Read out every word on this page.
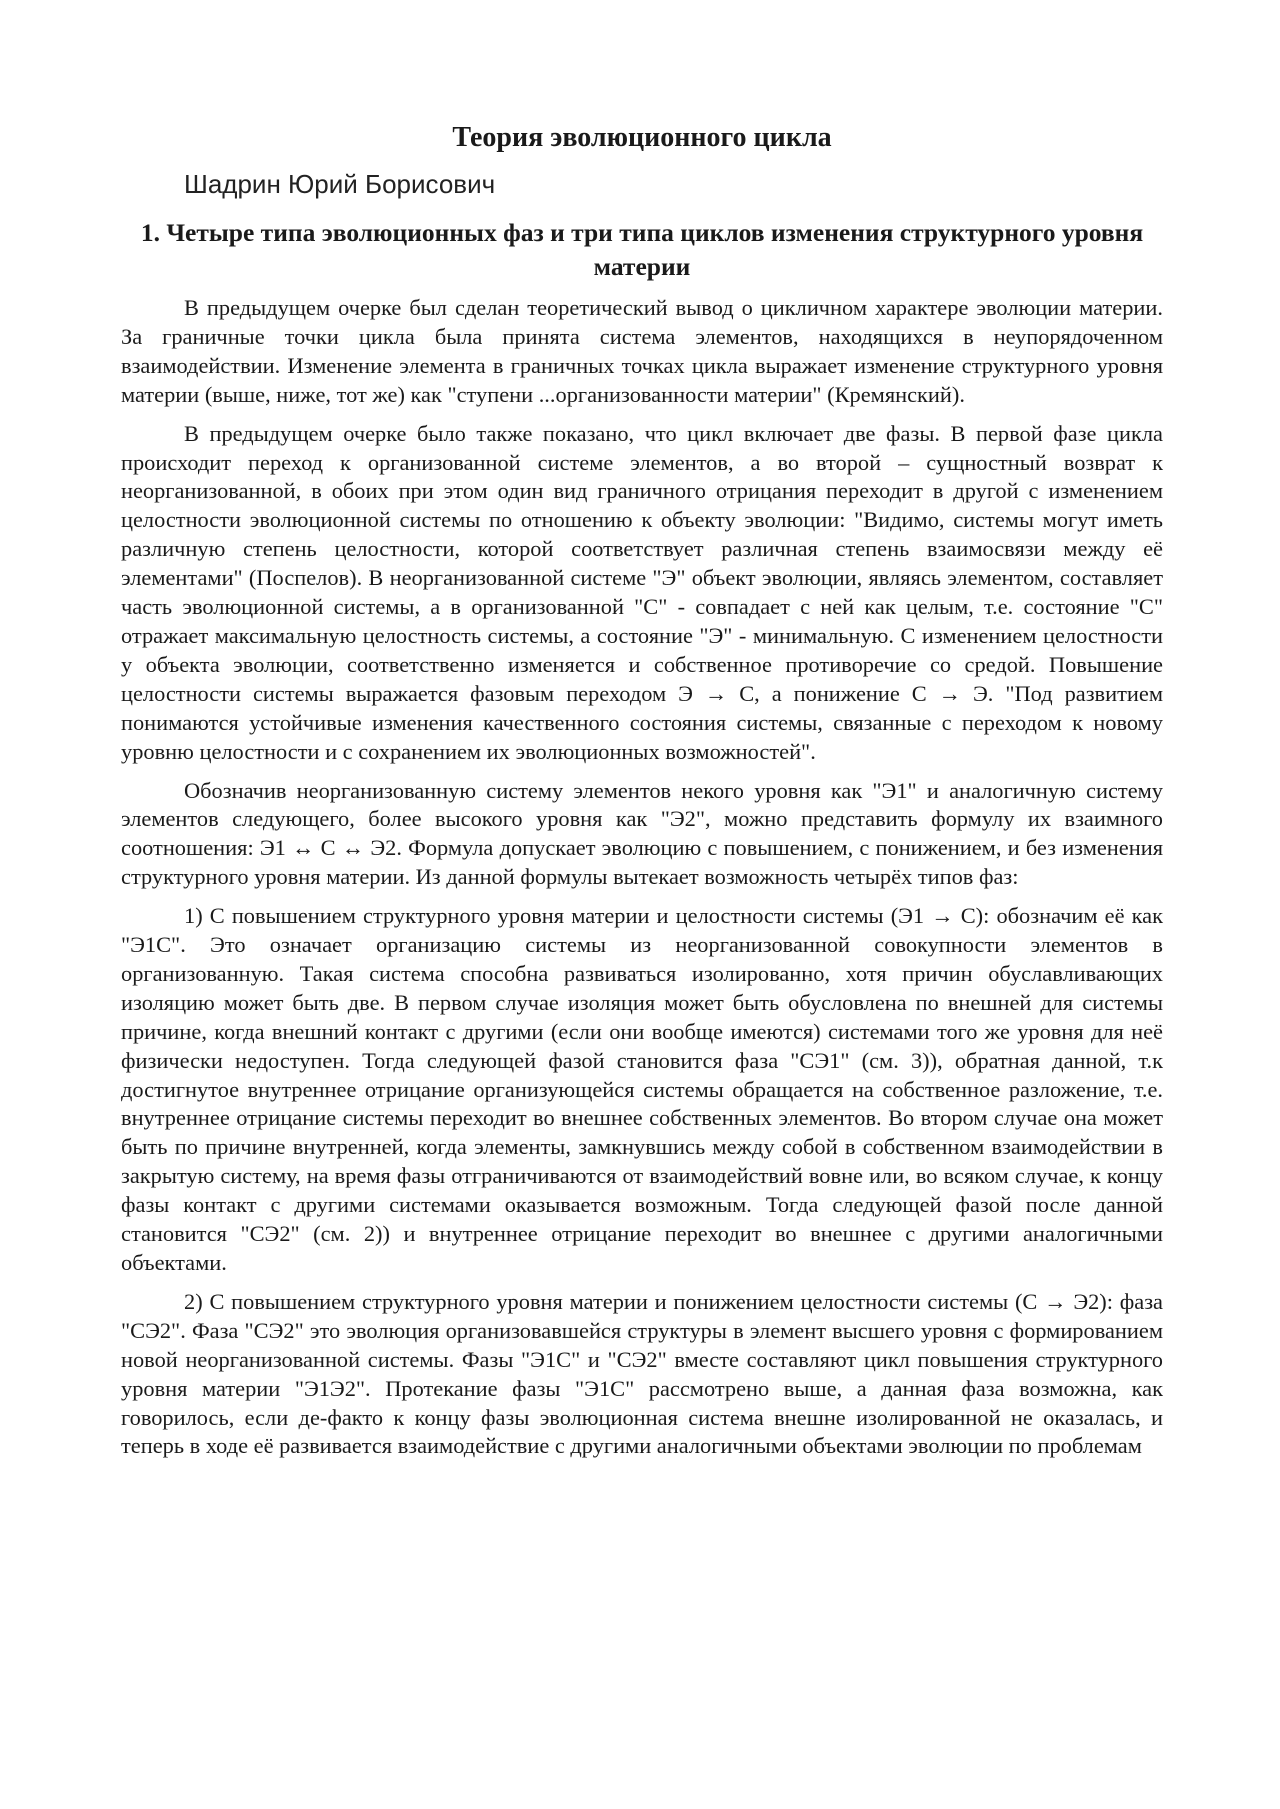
Теория эволюционного цикла

Шадрин Юрий Борисович

1. Четыре типа эволюционных фаз и три типа циклов изменения структурного уровня материи

В предыдущем очерке был сделан теоретический вывод о цикличном характере эволюции материи. За граничные точки цикла была принята система элементов, находящихся в неупорядоченном взаимодействии. Изменение элемента в граничных точках цикла выражает изменение структурного уровня материи (выше, ниже, тот же) как "ступени ...организованности материи" (Кремянский).

В предыдущем очерке было также показано, что цикл включает две фазы. В первой фазе цикла происходит переход к организованной системе элементов, а во второй – сущностный возврат к неорганизованной, в обоих при этом один вид граничного отрицания переходит в другой с изменением целостности эволюционной системы по отношению к объекту эволюции: "Видимо, системы могут иметь различную степень целостности, которой соответствует различная степень взаимосвязи между её элементами" (Поспелов). В неорганизованной системе "Э" объект эволюции, являясь элементом, составляет часть эволюционной системы, а в организованной "С" - совпадает с ней как целым, т.е. состояние "С" отражает максимальную целостность системы, а состояние "Э" - минимальную. С изменением целостности у объекта эволюции, соответственно изменяется и собственное противоречие со средой. Повышение целостности системы выражается фазовым переходом Э → С, а понижение С → Э. "Под развитием понимаются устойчивые изменения качественного состояния системы, связанные с переходом к новому уровню целостности и с сохранением их эволюционных возможностей".

Обозначив неорганизованную систему элементов некого уровня как "Э1" и аналогичную систему элементов следующего, более высокого уровня как "Э2", можно представить формулу их взаимного соотношения: Э1 ↔ С ↔ Э2. Формула допускает эволюцию с повышением, с понижением, и без изменения структурного уровня материи. Из данной формулы вытекает возможность четырёх типов фаз:

1) С повышением структурного уровня материи и целостности системы (Э1 → С): обозначим её как "Э1С". Это означает организацию системы из неорганизованной совокупности элементов в организованную. Такая система способна развиваться изолированно, хотя причин обуславливающих изоляцию может быть две. В первом случае изоляция может быть обусловлена по внешней для системы причине, когда внешний контакт с другими (если они вообще имеются) системами того же уровня для неё физически недоступен. Тогда следующей фазой становится фаза "СЭ1" (см. 3)), обратная данной, т.к достигнутое внутреннее отрицание организующейся системы обращается на собственное разложение, т.е. внутреннее отрицание системы переходит во внешнее собственных элементов. Во втором случае она может быть по причине внутренней, когда элементы, замкнувшись между собой в собственном взаимодействии в закрытую систему, на время фазы отграничиваются от взаимодействий вовне или, во всяком случае, к концу фазы контакт с другими системами оказывается возможным. Тогда следующей фазой после данной становится "СЭ2" (см. 2)) и внутреннее отрицание переходит во внешнее с другими аналогичными объектами.

2) С повышением структурного уровня материи и понижением целостности системы (С → Э2): фаза "СЭ2". Фаза "СЭ2" это эволюция организовавшейся структуры в элемент высшего уровня с формированием новой неорганизованной системы. Фазы "Э1С" и "СЭ2" вместе составляют цикл повышения структурного уровня материи "Э1Э2". Протекание фазы "Э1С" рассмотрено выше, а данная фаза возможна, как говорилось, если де-факто к концу фазы эволюционная система внешне изолированной не оказалась, и теперь в ходе её развивается взаимодействие с другими аналогичными объектами эволюции по проблемам
